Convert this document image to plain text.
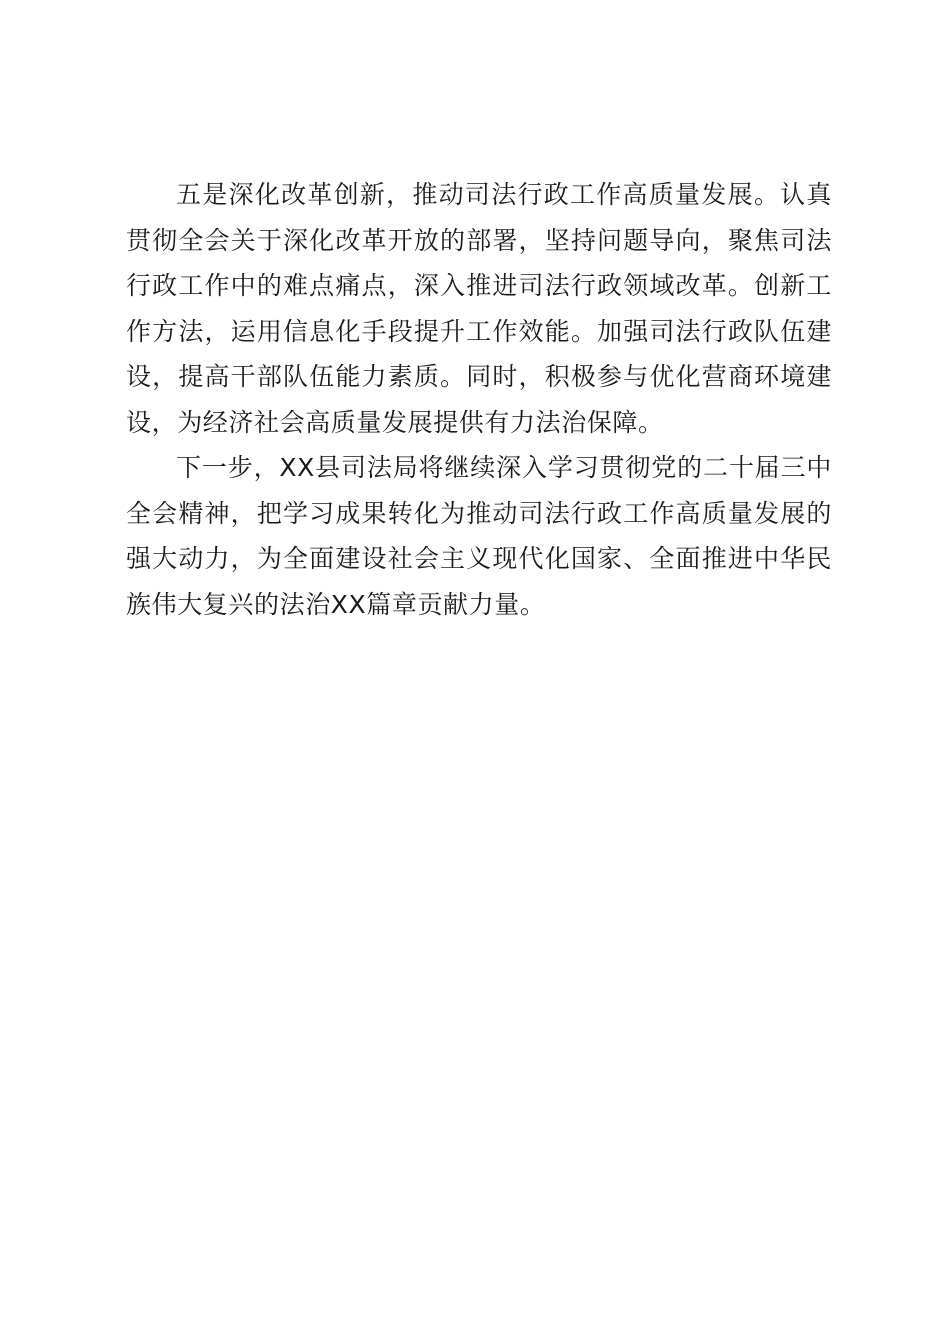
五是深化改革创新，推动司法行政工作高质量发展。认真贯彻全会关于深化改革开放的部署，坚持问题导向，聚焦司法行政工作中的难点痛点，深入推进司法行政领域改革。创新工作方法，运用信息化手段提升工作效能。加强司法行政队伍建设，提高干部队伍能力素质。同时，积极参与优化营商环境建设，为经济社会高质量发展提供有力法治保障。

下一步，XX县司法局将继续深入学习贯彻党的二十届三中全会精神，把学习成果转化为推动司法行政工作高质量发展的强大动力，为全面建设社会主义现代化国家、全面推进中华民族伟大复兴的法治XX篇章贡献力量。
